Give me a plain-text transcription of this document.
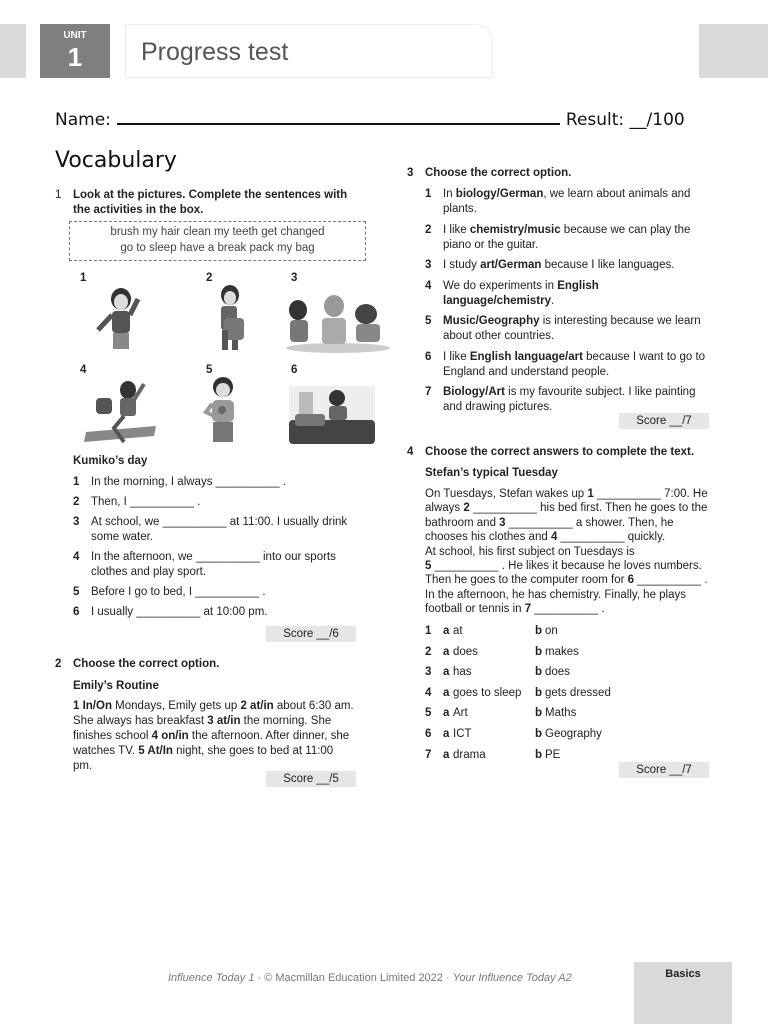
UNIT
1	Progress test
Name:	Result: __/100
Vocabulary
1 Look at the pictures. Complete the sentences with
the activities in the box.
brush my hair clean my teeth get changed
go to sleep have a break pack my bag
1	2	3
4	5	6
Kumiko’s day
1 In the morning, I always __________ .
2 Then, I __________ .
3 At school, we __________ at 11:00. I usually drink
some water.
4 In the afternoon, we __________ into our sports
clothes and play sport.
5 Before I go to bed, I __________ .
6 I usually __________ at 10:00 pm.
Score __/6
2	Choose the correct option.
Emily’s Routine
1 In/On Mondays, Emily gets up 2 at/in about 6:30 am.
She always has breakfast 3 at/in the morning. She
finishes school 4 on/in the afternoon. After dinner, she
watches TV. 5 At/In night, she goes to bed at 11:00
pm.
Score __/5
3	Choose the correct option.
1 In biology/German, we learn about animals and
plants.
2 I like chemistry/music because we can play the
piano or the guitar.
3 I study art/German because I like languages.
4 We do experiments in English
language/chemistry.
5 Music/Geography is interesting because we learn
about other countries.
6 I like English language/art because I want to go to
England and understand people.
7 Biology/Art is my favourite subject. I like painting
and drawing pictures.
Score __/7
4	Choose the correct answers to complete the text.
Stefan’s typical Tuesday
On Tuesdays, Stefan wakes up 1 __________ 7:00. He
always 2 __________ his bed first. Then he goes to the
bathroom and 3 __________ a shower. Then, he
chooses his clothes and 4 __________ quickly.
At school, his first subject on Tuesdays is
5 __________ . He likes it because he loves numbers.
Then he goes to the computer room for 6 __________ .
In the afternoon, he has chemistry. Finally, he plays
football or tennis in 7 __________ .
1 a at	b on
2 a does	b makes
3 a has	b does
4 a goes to sleep b gets dressed
5 a Art	b Maths
6 a ICT	b Geography
7 a drama	b PE
Score __/7
Influence Today 1 · © Macmillan Education Limited 2022 · Your Influence Today A2	Basics
